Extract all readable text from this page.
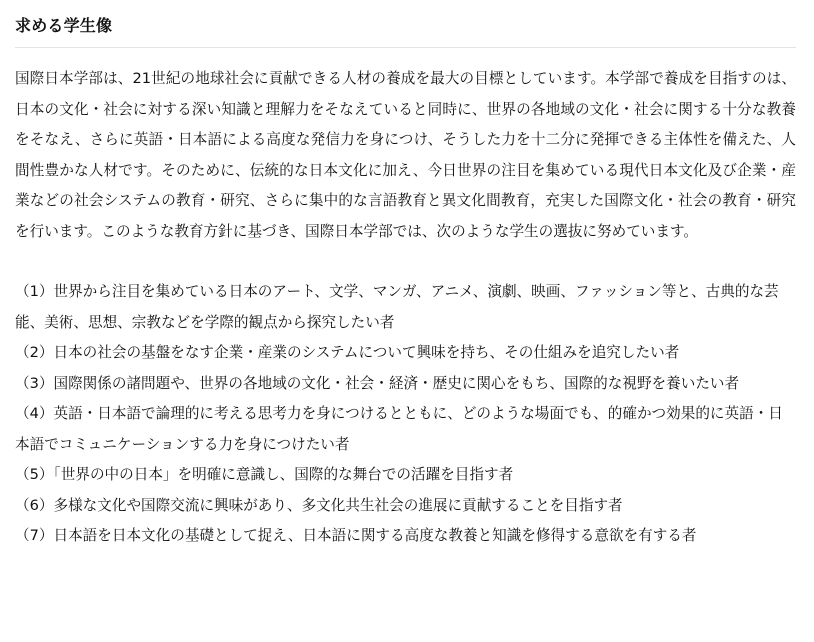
求める学生像

国際日本学部は、21世紀の地球社会に貢献できる人材の養成を最大の目標としています。本学部で養成を目指すのは、日本の文化・社会に対する深い知識と理解力をそなえていると同時に、世界の各地域の文化・社会に関する十分な教養をそなえ、さらに英語・日本語による高度な発信力を身につけ、そうした力を十二分に発揮できる主体性を備えた、人間性豊かな人材です。そのために、伝統的な日本文化に加え、今日世界の注目を集めている現代日本文化及び企業・産業などの社会システムの教育・研究、さらに集中的な言語教育と異文化間教育，充実した国際文化・社会の教育・研究を行います。このような教育方針に基づき、国際日本学部では、次のような学生の選抜に努めています。

（1）世界から注目を集めている日本のアート、文学、マンガ、アニメ、演劇、映画、ファッション等と、古典的な芸能、美術、思想、宗教などを学際的観点から探究したい者
（2）日本の社会の基盤をなす企業・産業のシステムについて興味を持ち、その仕組みを追究したい者
（3）国際関係の諸問題や、世界の各地域の文化・社会・経済・歴史に関心をもち、国際的な視野を養いたい者
（4）英語・日本語で論理的に考える思考力を身につけるとともに、どのような場面でも、的確かつ効果的に英語・日本語でコミュニケーションする力を身につけたい者
（5）「世界の中の日本」を明確に意識し、国際的な舞台での活躍を目指す者
（6）多様な文化や国際交流に興味があり、多文化共生社会の進展に貢献することを目指す者
（7）日本語を日本文化の基礎として捉え、日本語に関する高度な教養と知識を修得する意欲を有する者
